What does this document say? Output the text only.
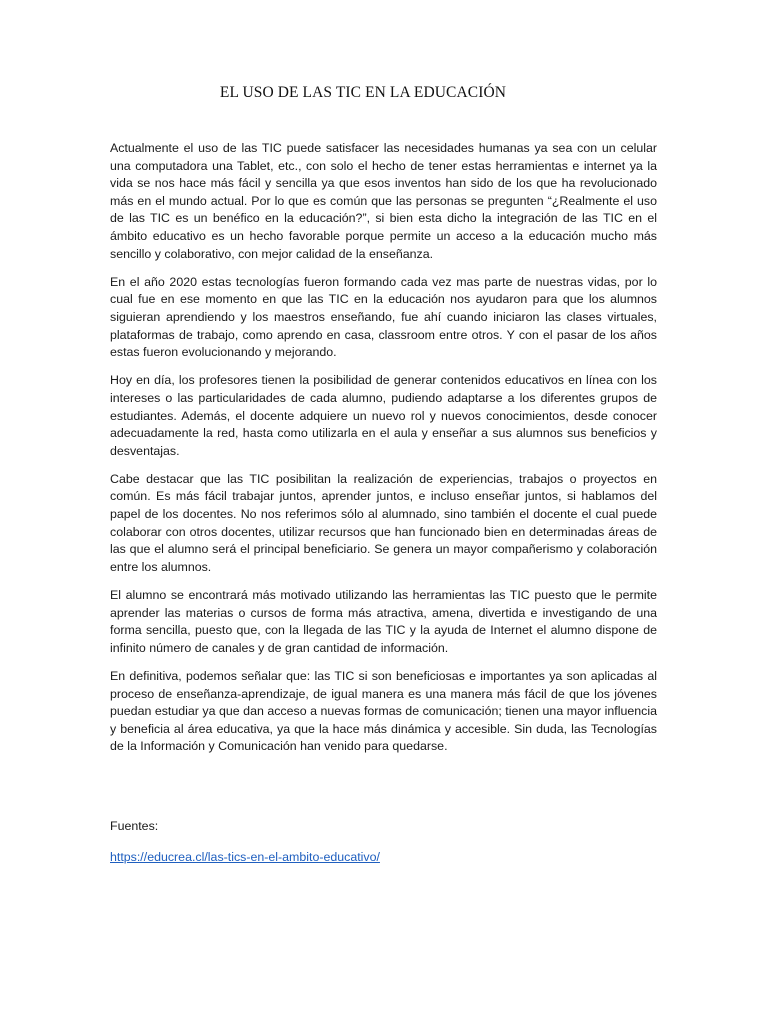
EL USO DE LAS TIC EN LA EDUCACIÓN

Actualmente el uso de las TIC puede satisfacer las necesidades humanas ya sea con un celular una computadora una Tablet, etc., con solo el hecho de tener estas herramientas e internet ya la vida se nos hace más fácil y sencilla ya que esos inventos han sido de los que ha revolucionado más en el mundo actual. Por lo que es común que las personas se pregunten “¿Realmente el uso de las TIC es un benéfico en la educación?”, si bien esta dicho la integración de las TIC en el ámbito educativo es un hecho favorable porque permite un acceso a la educación mucho más sencillo y colaborativo, con mejor calidad de la enseñanza.

En el año 2020 estas tecnologías fueron formando cada vez mas parte de nuestras vidas, por lo cual fue en ese momento en que las TIC en la educación nos ayudaron para que los alumnos siguieran aprendiendo y los maestros enseñando, fue ahí cuando iniciaron las clases virtuales, plataformas de trabajo, como aprendo en casa, classroom entre otros. Y con el pasar de los años estas fueron evolucionando y mejorando.

Hoy en día, los profesores tienen la posibilidad de generar contenidos educativos en línea con los intereses o las particularidades de cada alumno, pudiendo adaptarse a los diferentes grupos de estudiantes. Además, el docente adquiere un nuevo rol y nuevos conocimientos, desde conocer adecuadamente la red, hasta como utilizarla en el aula y enseñar a sus alumnos sus beneficios y desventajas.

Cabe destacar que las TIC posibilitan la realización de experiencias, trabajos o proyectos en común. Es más fácil trabajar juntos, aprender juntos, e incluso enseñar juntos, si hablamos del papel de los docentes. No nos referimos sólo al alumnado, sino también el docente el cual puede colaborar con otros docentes, utilizar recursos que han funcionado bien en determinadas áreas de las que el alumno será el principal beneficiario. Se genera un mayor compañerismo y colaboración entre los alumnos.

El alumno se encontrará más motivado utilizando las herramientas las TIC puesto que le permite aprender las materias o cursos de forma más atractiva, amena, divertida e investigando de una forma sencilla, puesto que, con la llegada de las TIC y la ayuda de Internet el alumno dispone de infinito número de canales y de gran cantidad de información.

En definitiva, podemos señalar que: las TIC si son beneficiosas e importantes ya son aplicadas al proceso de enseñanza-aprendizaje, de igual manera es una manera más fácil de que los jóvenes puedan estudiar ya que dan acceso a nuevas formas de comunicación; tienen una mayor influencia y beneficia al área educativa, ya que la hace más dinámica y accesible. Sin duda, las Tecnologías de la Información y Comunicación han venido para quedarse.

Fuentes:

https://educrea.cl/las-tics-en-el-ambito-educativo/
